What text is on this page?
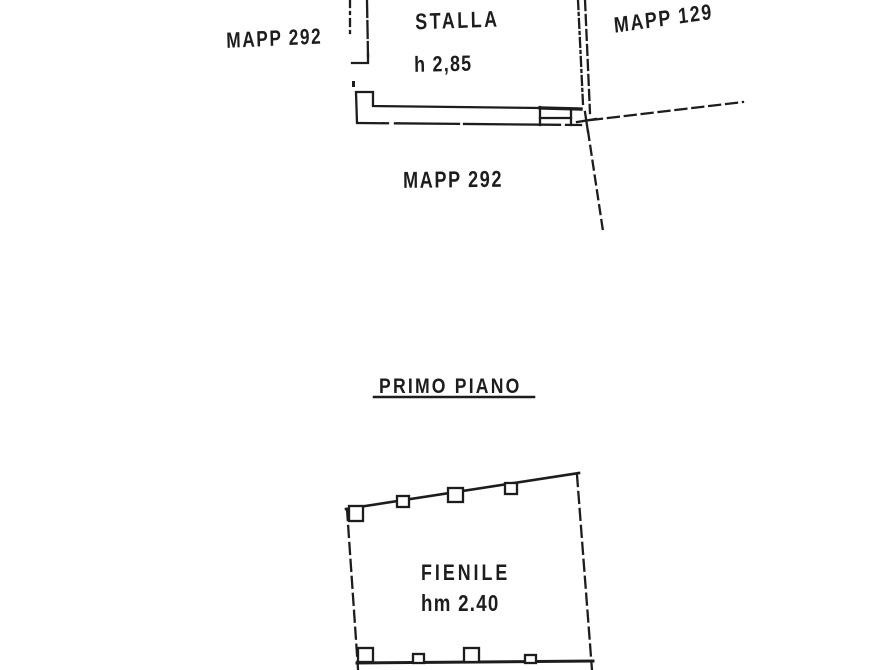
MAPP 292
STALLA
h 2,85
MAPP 129
MAPP 292
PRIMO PIANO
FIENILE
hm 2.40
